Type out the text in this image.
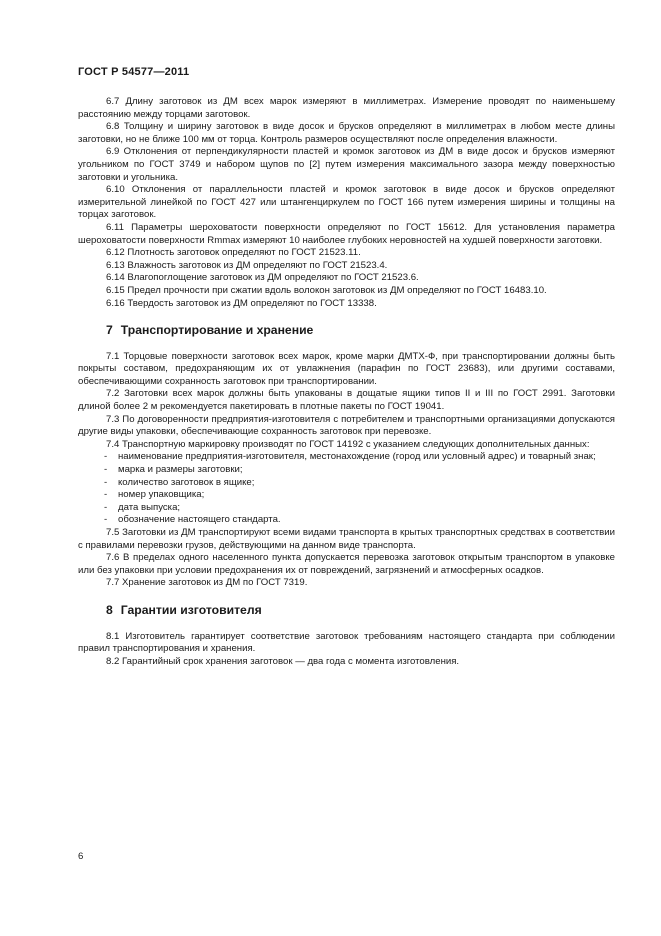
ГОСТ Р 54577—2011

6.7 Длину заготовок из ДМ всех марок измеряют в миллиметрах. Измерение проводят по наименьшему расстоянию между торцами заготовок.

6.8 Толщину и ширину заготовок в виде досок и брусков определяют в миллиметрах в любом месте длины заготовки, но не ближе 100 мм от торца. Контроль размеров осуществляют после определения влажности.

6.9 Отклонения от перпендикулярности пластей и кромок заготовок из ДМ в виде досок и брусков измеряют угольником по ГОСТ 3749 и набором щупов по [2] путем измерения максимального зазора между поверхностью заготовки и угольника.

6.10 Отклонения от параллельности пластей и кромок заготовок в виде досок и брусков определяют измерительной линейкой по ГОСТ 427 или штангенциркулем по ГОСТ 166 путем измерения ширины и толщины на торцах заготовок.

6.11 Параметры шероховатости поверхности определяют по ГОСТ 15612. Для установления параметра шероховатости поверхности Rmmax измеряют 10 наиболее глубоких неровностей на худшей поверхности заготовки.

6.12 Плотность заготовок определяют по ГОСТ 21523.11.

6.13 Влажность заготовок из ДМ определяют по ГОСТ 21523.4.

6.14 Влагопоглощение заготовок из ДМ определяют по ГОСТ 21523.6.

6.15 Предел прочности при сжатии вдоль волокон заготовок из ДМ определяют по ГОСТ 16483.10.

6.16 Твердость заготовок из ДМ определяют по ГОСТ 13338.

7 Транспортирование и хранение

7.1 Торцовые поверхности заготовок всех марок, кроме марки ДМТХ-Ф, при транспортировании должны быть покрыты составом, предохраняющим их от увлажнения (парафин по ГОСТ 23683), или другими составами, обеспечивающими сохранность заготовок при транспортировании.

7.2 Заготовки всех марок должны быть упакованы в дощатые ящики типов II и III по ГОСТ 2991. Заготовки длиной более 2 м рекомендуется пакетировать в плотные пакеты по ГОСТ 19041.

7.3 По договоренности предприятия-изготовителя с потребителем и транспортными организациями допускаются другие виды упаковки, обеспечивающие сохранность заготовок при перевозке.

7.4 Транспортную маркировку производят по ГОСТ 14192 с указанием следующих дополнительных данных:

- наименование предприятия-изготовителя, местонахождение (город или условный адрес) и товарный знак;

- марка и размеры заготовки;

- количество заготовок в ящике;

- номер упаковщика;

- дата выпуска;

- обозначение настоящего стандарта.

7.5 Заготовки из ДМ транспортируют всеми видами транспорта в крытых транспортных средствах в соответствии с правилами перевозки грузов, действующими на данном виде транспорта.

7.6 В пределах одного населенного пункта допускается перевозка заготовок открытым транспортом в упаковке или без упаковки при условии предохранения их от повреждений, загрязнений и атмосферных осадков.

7.7 Хранение заготовок из ДМ по ГОСТ 7319.

8 Гарантии изготовителя

8.1 Изготовитель гарантирует соответствие заготовок требованиям настоящего стандарта при соблюдении правил транспортирования и хранения.

8.2 Гарантийный срок хранения заготовок — два года с момента изготовления.

6
